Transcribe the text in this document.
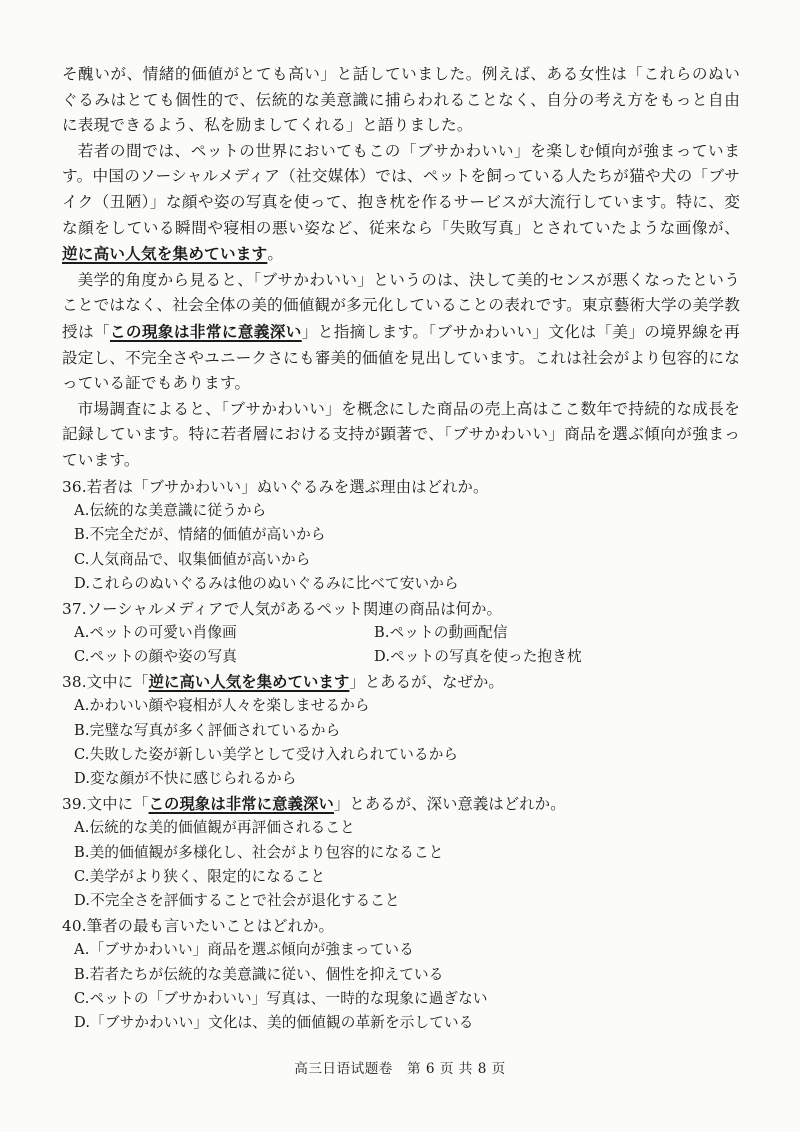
そ醜いが、情緒的価値がとても高い」と話していました。例えば、ある女性は「これらのぬいぐるみはとても個性的で、伝統的な美意識に捕らわれることなく、自分の考え方をもっと自由に表現できるよう、私を励ましてくれる」と語りました。

若者の間では、ペットの世界においてもこの「ブサかわいい」を楽しむ傾向が強まっています。中国のソーシャルメディア（社交媒体）では、ペットを飼っている人たちが猫や犬の「ブサイク（丑陋）」な顔や姿の写真を使って、抱き枕を作るサービスが大流行しています。特に、変な顔をしている瞬間や寝相の悪い姿など、従来なら「失敗写真」とされていたような画像が、逆に高い人気を集めています。

美学的角度から見ると、「ブサかわいい」というのは、決して美的センスが悪くなったということではなく、社会全体の美的価値観が多元化していることの表れです。東京藝術大学の美学教授は「この現象は非常に意義深い」と指摘します。「ブサかわいい」文化は「美」の境界線を再設定し、不完全さやユニークさにも審美的価値を見出しています。これは社会がより包容的になっている証でもあります。

市場調査によると、「ブサかわいい」を概念にした商品の売上高はここ数年で持続的な成長を記録しています。特に若者層における支持が顕著で、「ブサかわいい」商品を選ぶ傾向が強まっています。

36.若者は「ブサかわいい」ぬいぐるみを選ぶ理由はどれか。

A.伝統的な美意識に従うから

B.不完全だが、情緒的価値が高いから

C.人気商品で、収集価値が高いから

D.これらのぬいぐるみは他のぬいぐるみに比べて安いから

37.ソーシャルメディアで人気があるペット関連の商品は何か。

A.ペットの可愛い肖像画	B.ペットの動画配信

C.ペットの顔や姿の写真	D.ペットの写真を使った抱き枕

38.文中に「逆に高い人気を集めています」とあるが、なぜか。

A.かわいい顔や寝相が人々を楽しませるから

B.完璧な写真が多く評価されているから

C.失敗した姿が新しい美学として受け入れられているから

D.変な顔が不快に感じられるから

39.文中に「この現象は非常に意義深い」とあるが、深い意義はどれか。

A.伝統的な美的価値観が再評価されること

B.美的価値観が多様化し、社会がより包容的になること

C.美学がより狭く、限定的になること

D.不完全さを評価することで社会が退化すること

40.筆者の最も言いたいことはどれか。

A.「ブサかわいい」商品を選ぶ傾向が強まっている

B.若者たちが伝統的な美意識に従い、個性を抑えている

C.ペットの「ブサかわいい」写真は、一時的な現象に過ぎない

D.「ブサかわいい」文化は、美的価値観の革新を示している

高三日语试题卷　第 6 页 共 8 页
